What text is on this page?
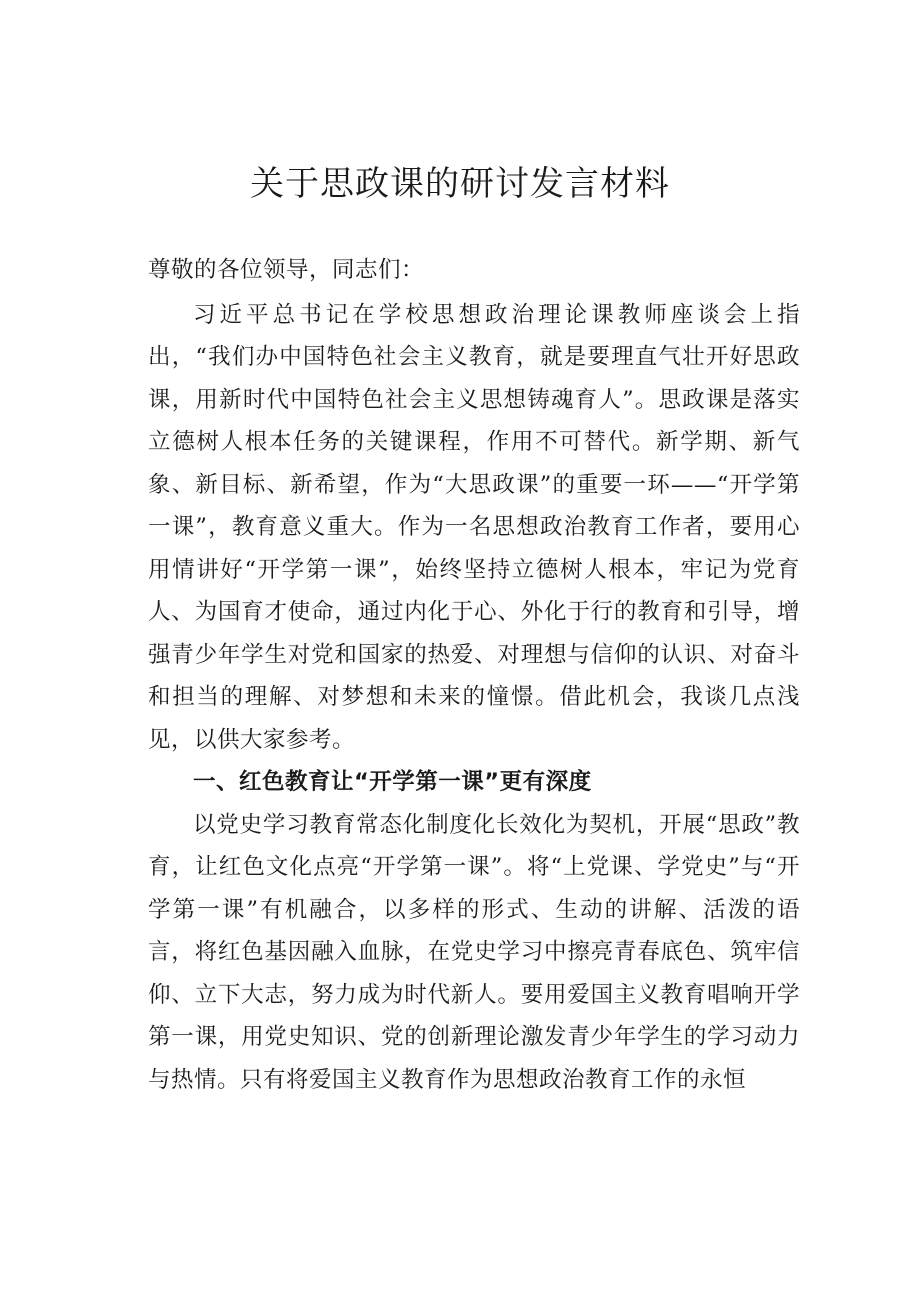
关于思政课的研讨发言材料

尊敬的各位领导，同志们：

习近平总书记在学校思想政治理论课教师座谈会上指出，“我们办中国特色社会主义教育，就是要理直气壮开好思政课，用新时代中国特色社会主义思想铸魂育人”。思政课是落实立德树人根本任务的关键课程，作用不可替代。新学期、新气象、新目标、新希望，作为“大思政课”的重要一环——“开学第一课”，教育意义重大。作为一名思想政治教育工作者，要用心用情讲好“开学第一课”，始终坚持立德树人根本，牢记为党育人、为国育才使命，通过内化于心、外化于行的教育和引导，增强青少年学生对党和国家的热爱、对理想与信仰的认识、对奋斗和担当的理解、对梦想和未来的憧憬。借此机会，我谈几点浅见，以供大家参考。

一、红色教育让“开学第一课”更有深度

以党史学习教育常态化制度化长效化为契机，开展“思政”教育，让红色文化点亮“开学第一课”。将“上党课、学党史”与“开学第一课”有机融合，以多样的形式、生动的讲解、活泼的语言，将红色基因融入血脉，在党史学习中擦亮青春底色、筑牢信仰、立下大志，努力成为时代新人。要用爱国主义教育唱响开学第一课，用党史知识、党的创新理论激发青少年学生的学习动力与热情。只有将爱国主义教育作为思想政治教育工作的永恒
